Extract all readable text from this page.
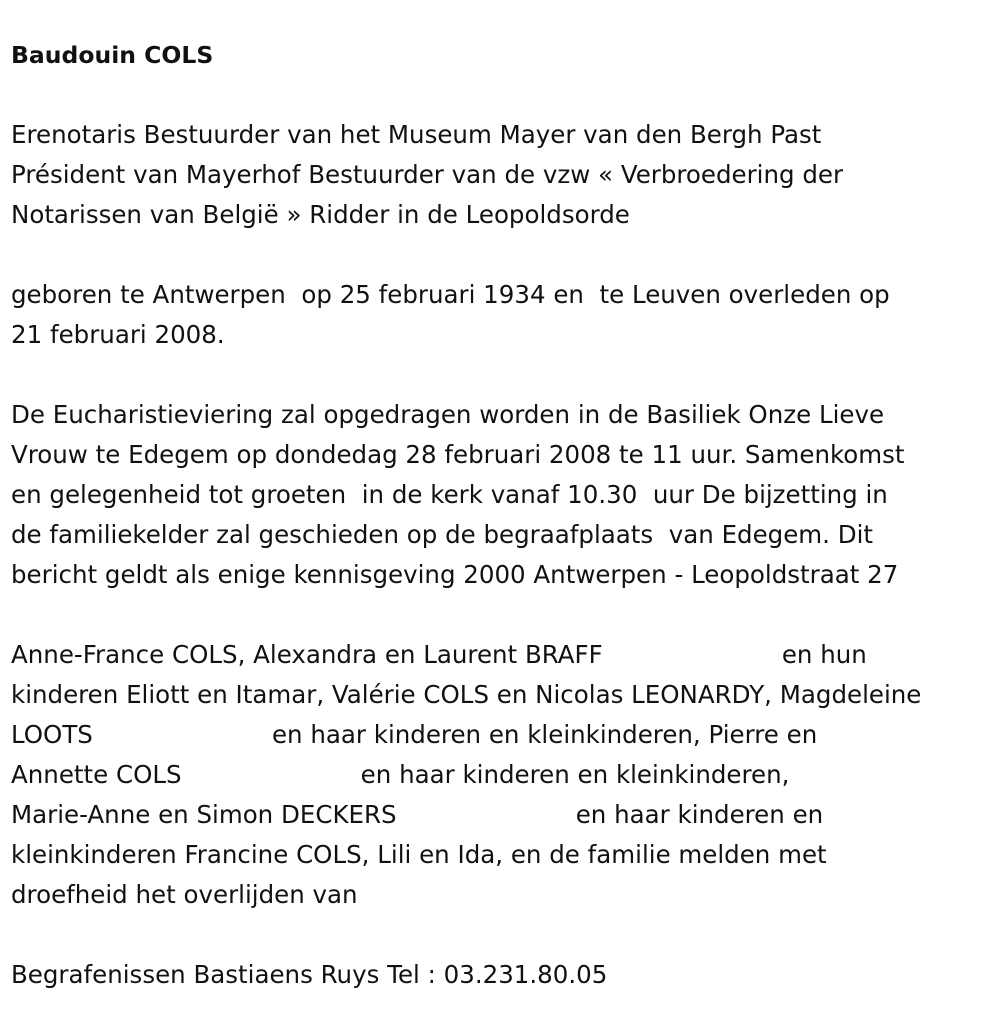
Baudouin COLS

Erenotaris Bestuurder van het Museum Mayer van den Bergh Past

Président van Mayerhof Bestuurder van de vzw « Verbroedering der

Notarissen van België » Ridder in de Leopoldsorde

geboren te Antwerpen  op 25 februari 1934 en  te Leuven overleden op

21 februari 2008.

De Eucharistieviering zal opgedragen worden in de Basiliek Onze Lieve

Vrouw te Edegem op dondedag 28 februari 2008 te 11 uur. Samenkomst

en gelegenheid tot groeten  in de kerk vanaf 10.30  uur De bijzetting in

de familiekelder zal geschieden op de begraafplaats  van Edegem. Dit

bericht geldt als enige kennisgeving 2000 Antwerpen - Leopoldstraat 27

Anne-France COLS, Alexandra en Laurent BRAFF                       en hun

kinderen Eliott en Itamar, Valérie COLS en Nicolas LEONARDY, Magdeleine

LOOTS                       en haar kinderen en kleinkinderen, Pierre en

Annette COLS                       en haar kinderen en kleinkinderen,

Marie-Anne en Simon DECKERS                       en haar kinderen en

kleinkinderen Francine COLS, Lili en Ida, en de familie melden met

droefheid het overlijden van

Begrafenissen Bastiaens Ruys Tel : 03.231.80.05
